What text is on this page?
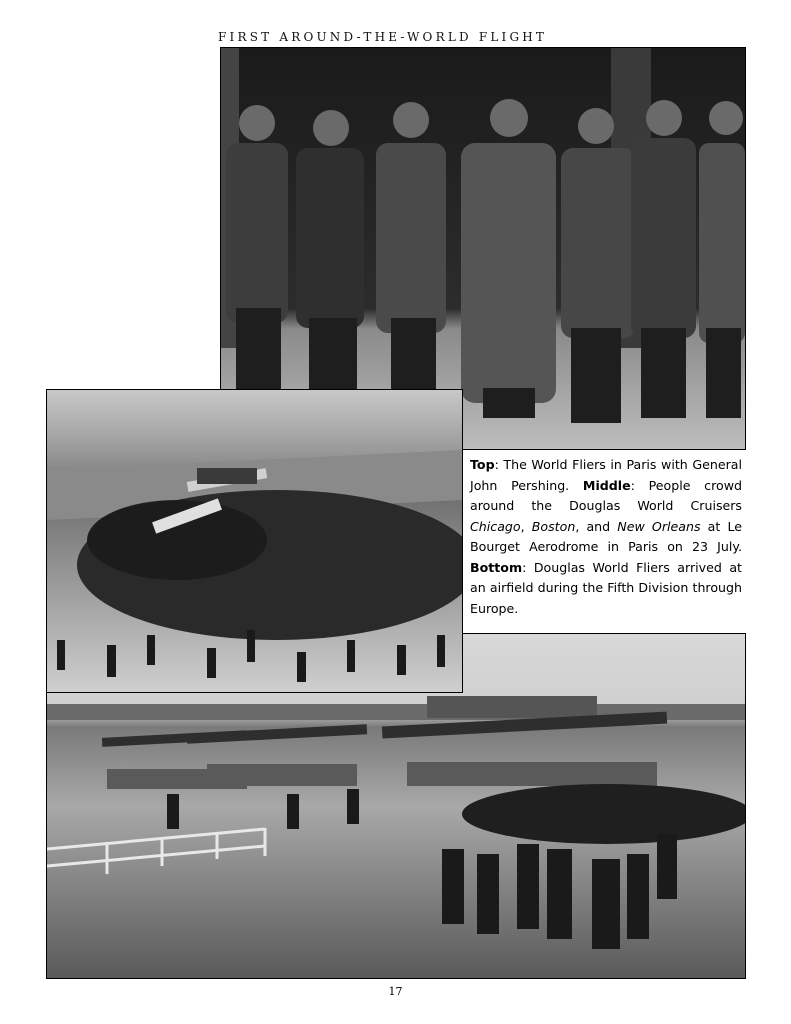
FIRST AROUND-THE-WORLD FLIGHT
Top: The World Fliers in Paris with General John Pershing. Middle: People crowd around the Douglas World Cruisers Chicago, Boston, and New Orleans at Le Bourget Aerodrome in Paris on 23 July. Bottom: Douglas World Fliers arrived at an airfield during the Fifth Division through Europe.
17
